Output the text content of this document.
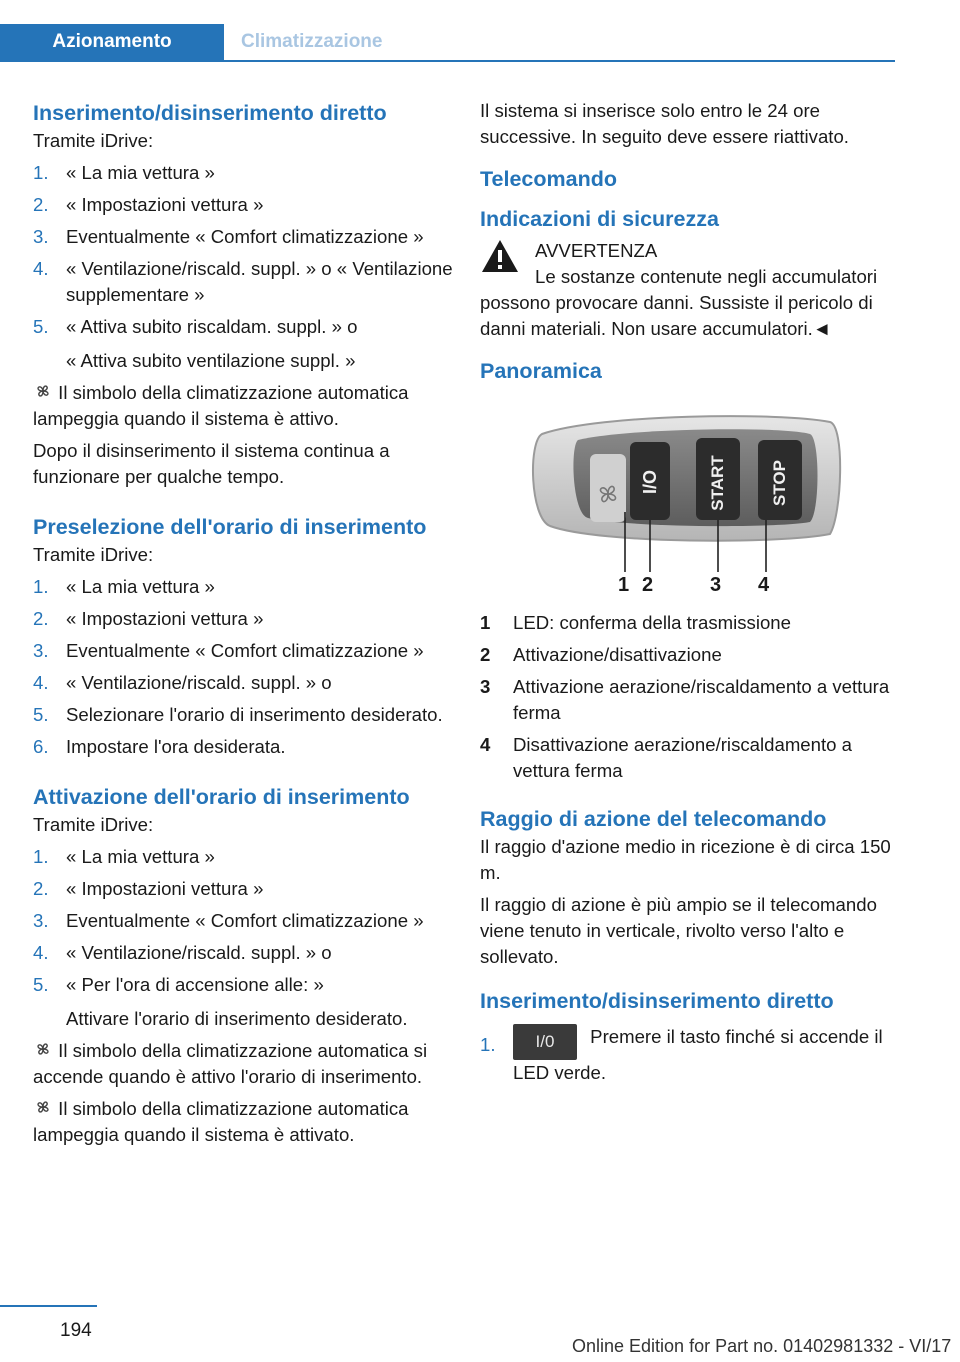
Azionamento	Climatizzazione
Inserimento/disinserimento diretto

Tramite iDrive:

1. « La mia vettura »
2. « Impostazioni vettura »
3. Eventualmente « Comfort climatizzazione »
4. « Ventilazione/riscald. suppl. » o « Ventilazione supplementare »
5. « Attiva subito riscaldam. suppl. » o

« Attiva subito ventilazione suppl. »

Il simbolo della climatizzazione automatica lampeggia quando il sistema è attivo.

Dopo il disinserimento il sistema continua a funzionare per qualche tempo.

Preselezione dell'orario di inserimento

Tramite iDrive:

1. « La mia vettura »
2. « Impostazioni vettura »
3. Eventualmente « Comfort climatizzazione »
4. « Ventilazione/riscald. suppl. » o
5. Selezionare l'orario di inserimento desiderato.
6. Impostare l'ora desiderata.
Attivazione dell'orario di inserimento

Tramite iDrive:

1. « La mia vettura »
2. « Impostazioni vettura »
3. Eventualmente « Comfort climatizzazione »
4. « Ventilazione/riscald. suppl. » o
5. « Per l'ora di accensione alle: »

Attivare l'orario di inserimento desiderato.

Il simbolo della climatizzazione automatica si accende quando è attivo l'orario di inserimento.

Il simbolo della climatizzazione automatica lampeggia quando il sistema è attivato.

Il sistema si inserisce solo entro le 24 ore successive. In seguito deve essere riattivato.

Telecomando
Indicazioni di sicurezza
AVVERTENZA
Le sostanze contenute negli accumulatori possono provocare danni. Sussiste il pericolo di danni materiali. Non usare accumulatori.◄
Panoramica
I/O	START	STOP
1 2	3 4
1 LED: conferma della trasmissione
2 Attivazione/disattivazione
3 Attivazione aerazione/riscaldamento a vettura ferma
4 Disattivazione aerazione/riscaldamento a vettura ferma
Raggio di azione del telecomando

Il raggio d'azione medio in ricezione è di circa 150 m.

Il raggio di azione è più ampio se il telecomando viene tenuto in verticale, rivolto verso l'alto e sollevato.

Inserimento/disinserimento diretto
1. I/0 Premere il tasto finché si accende il LED verde.
194
Online Edition for Part no. 01402981332 - VI/17
